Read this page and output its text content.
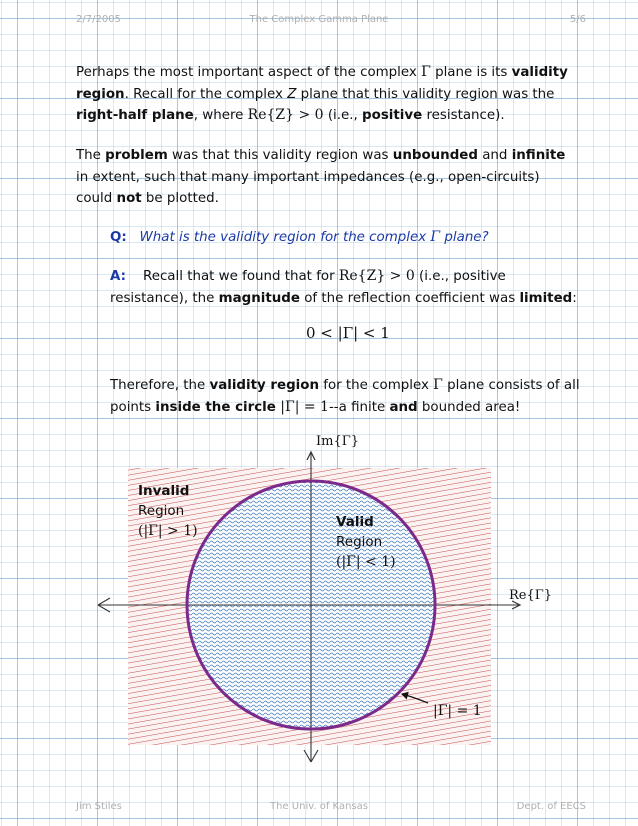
2/7/2005	The Complex Gamma Plane	5/6
Perhaps the most important aspect of the complex Γ plane is its validity region. Recall for the complex Z plane that this validity region was the right-half plane, where Re{Z} > 0 (i.e., positive resistance).
The problem was that this validity region was unbounded and infinite in extent, such that many important impedances (e.g., open-circuits) could not be plotted.
Q: What is the validity region for the complex Γ plane?
A: Recall that we found that for Re{Z} > 0 (i.e., positive resistance), the magnitude of the reflection coefficient was limited:
0 < |Γ| < 1
Therefore, the validity region for the complex Γ plane consists of all points inside the circle |Γ| = 1--a finite and bounded area!
Im{Γ}
Re{Γ}
Invalid
Region
(|Γ| > 1)
Valid
Region
(|Γ| < 1)
|Γ| = 1
Jim Stiles	The Univ. of Kansas	Dept. of EECS
